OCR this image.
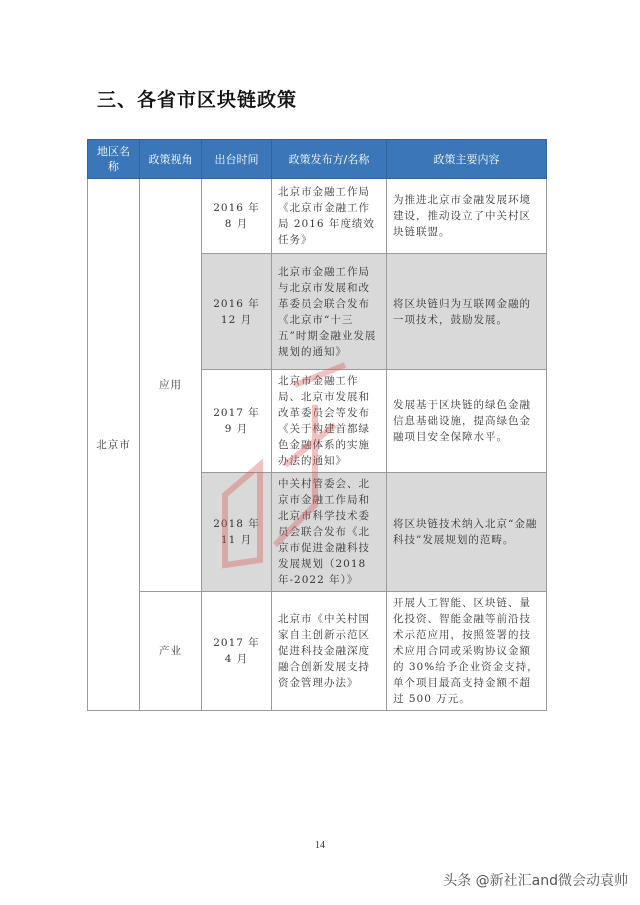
三、各省市区块链政策
地区名称	政策视角	出台时间	政策发布方/名称	政策主要内容
北京市	应用	2016 年 8 月	北京市金融工作局《北京市金融工作局 2016 年度绩效任务》	为推进北京市金融发展环境建设，推动设立了中关村区块链联盟。
		2016 年 12 月	北京市金融工作局与北京市发展和改革委员会联合发布《北京市“十三五”时期金融业发展规划的通知》	将区块链归为互联网金融的一项技术，鼓励发展。
		2017 年 9 月	北京市金融工作局、北京市发展和改革委员会等发布《关于构建首都绿色金融体系的实施办法的通知》	发展基于区块链的绿色金融信息基础设施，提高绿色金融项目安全保障水平。
		2018 年 11 月	中关村管委会、北京市金融工作局和北京市科学技术委员会联合发布《北京市促进金融科技发展规划（2018 年-2022 年）》	将区块链技术纳入北京“金融科技”发展规划的范畴。
	产业	2017 年 4 月	北京市《中关村国家自主创新示范区促进科技金融深度融合创新发展支持资金管理办法》	开展人工智能、区块链、量化投资、智能金融等前沿技术示范应用，按照签署的技术应用合同或采购协议金额的 30%给予企业资金支持，单个项目最高支持金额不超过 500 万元。
14
头条 @新社汇and微会动袁帅
